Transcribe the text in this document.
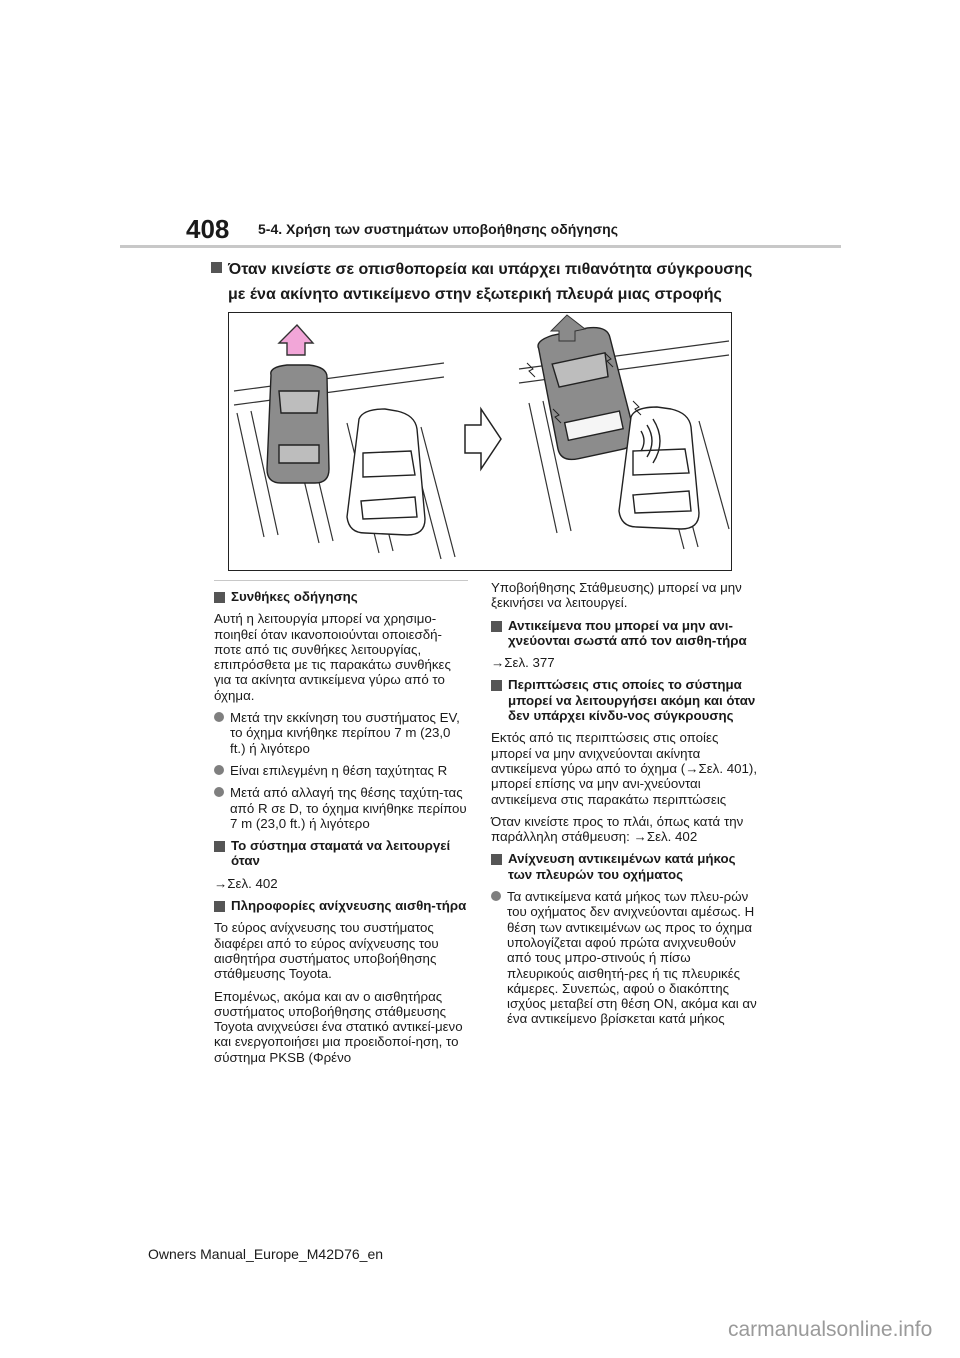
408 5-4. Χρήση των συστημάτων υποβοήθησης οδήγησης
Όταν κινείστε σε οπισθοπορεία και υπάρχει πιθανότητα σύγκρουσης
με ένα ακίνητο αντικείμενο στην εξωτερική πλευρά μιας στροφής
Συνθήκες οδήγησης

Αυτή η λειτουργία μπορεί να χρησιμο-ποιηθεί όταν ικανοποιούνται οποιεσδή-ποτε από τις συνθήκες λειτουργίας, επιπρόσθετα με τις παρακάτω συνθήκες για τα ακίνητα αντικείμενα γύρω από το όχημα.

Μετά την εκκίνηση του συστήματος EV, το όχημα κινήθηκε περίπου 7 m (23,0 ft.) ή λιγότερο
Είναι επιλεγμένη η θέση ταχύτητας R
Μετά από αλλαγή της θέσης ταχύτη-τας από R σε D, το όχημα κινήθηκε περίπου 7 m (23,0 ft.) ή λιγότερο
Το σύστημα σταματά να λειτουργεί όταν

→Σελ. 402

Πληροφορίες ανίχνευσης αισθη-τήρα

Το εύρος ανίχνευσης του συστήματος διαφέρει από το εύρος ανίχνευσης του αισθητήρα συστήματος υποβοήθησης στάθμευσης Toyota.

Επομένως, ακόμα και αν ο αισθητήρας συστήματος υποβοήθησης στάθμευσης Toyota ανιχνεύσει ένα στατικό αντικεί-μενο και ενεργοποιήσει μια προειδοποί-ηση, το σύστημα PKSB (Φρένο

Υποβοήθησης Στάθμευσης) μπορεί να μην ξεκινήσει να λειτουργεί.

Αντικείμενα που μπορεί να μην ανι-χνεύονται σωστά από τον αισθη-τήρα

→Σελ. 377

Περιπτώσεις στις οποίες το σύστημα μπορεί να λειτουργήσει ακόμη και όταν δεν υπάρχει κίνδυ-νος σύγκρουσης

Εκτός από τις περιπτώσεις στις οποίες μπορεί να μην ανιχνεύονται ακίνητα αντικείμενα γύρω από το όχημα (→Σελ. 401), μπορεί επίσης να μην ανι-χνεύονται αντικείμενα στις παρακάτω περιπτώσεις

Όταν κινείστε προς το πλάι, όπως κατά την παράλληλη στάθμευση: →Σελ. 402

Ανίχνευση αντικειμένων κατά μήκος των πλευρών του οχήματος
Τα αντικείμενα κατά μήκος των πλευ-ρών του οχήματος δεν ανιχνεύονται αμέσως. Η θέση των αντικειμένων ως προς το όχημα υπολογίζεται αφού πρώτα ανιχνευθούν από τους μπρο-στινούς ή πίσω πλευρικούς αισθητή-ρες ή τις πλευρικές κάμερες. Συνεπώς, αφού ο διακόπτης ισχύος μεταβεί στη θέση ON, ακόμα και αν ένα αντικείμενο βρίσκεται κατά μήκος
Owners Manual_Europe_M42D76_en
carmanualsonline.info
